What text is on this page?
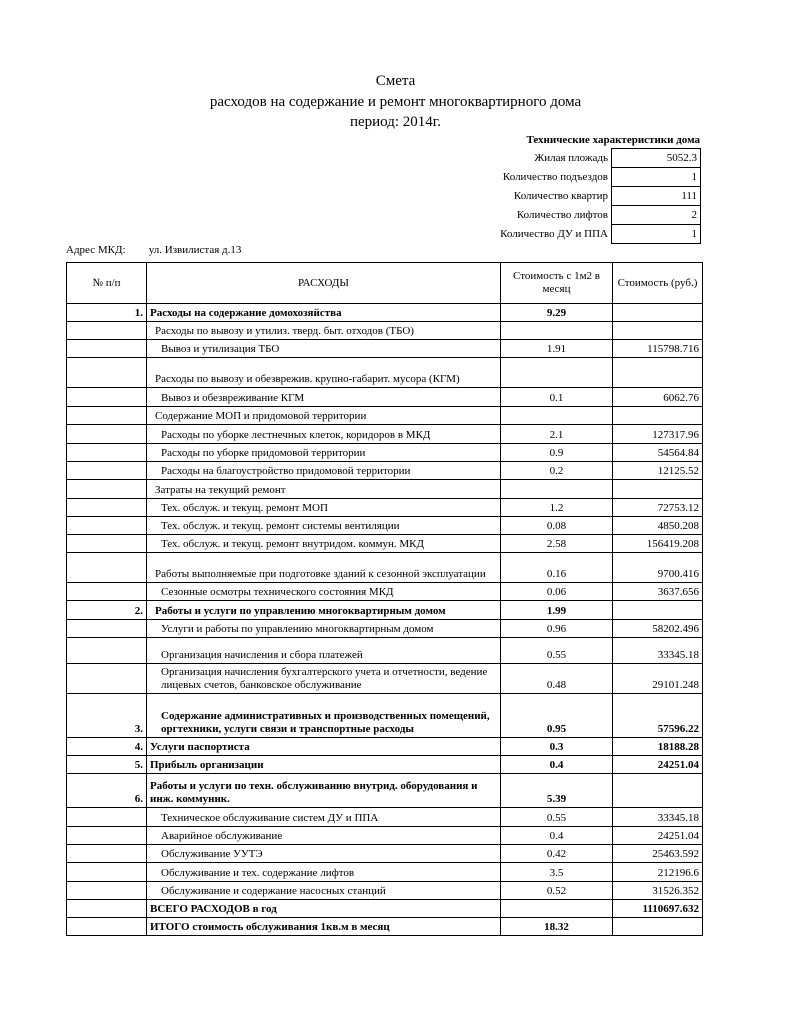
Смета
расходов на содержание и ремонт многоквартирного дома
период: 2014г.
Технические характеристики дома
Жилая пложадь	5052.3
Количество подъездов	1
Количество квартир	111
Количество лифтов	2
Количество ДУ и ППА	1
Адрес МКД: ул. Извилистая д.13
№ п/п	РАСХОДЫ	Стоимость с 1м2 в месяц	Стоимость (руб.)
1.	Расходы на содержание домохозяйства	9.29	
	Расходы по вывозу и утилиз. тверд. быт. отходов (ТБО)		
	Вывоз и утилизация ТБО	1.91	115798.716
	Расходы по вывозу и обезврежив. крупно-габарит. мусора (КГМ)		
	Вывоз и обезвреживание КГМ	0.1	6062.76
	Содержание МОП и придомовой территории		
	Расходы по уборке лестнечных клеток, коридоров в МКД	2.1	127317.96
	Расходы по уборке придомовой территории	0.9	54564.84
	Расходы на благоустройство придомовой территории	0.2	12125.52
	Затраты на текущий ремонт		
	Тех. обслуж. и текущ. ремонт МОП	1.2	72753.12
	Тех. обслуж. и текущ. ремонт системы вентиляции	0.08	4850.208
	Тех. обслуж. и текущ. ремонт внутридом. коммун. МКД	2.58	156419.208
	Работы выполняемые при подготовке зданий к сезонной эксплуатации	0.16	9700.416
	Сезонные осмотры технического состояния МКД	0.06	3637.656
2.	Работы и услуги по управлению многоквартирным домом	1.99	
	Услуги и работы по управлению многоквартирным домом	0.96	58202.496
	Организация начисления и сбора платежей	0.55	33345.18
	Организация начисления бухгалтерского учета и отчетности, ведение лицевых счетов, банковское обслуживание	0.48	29101.248
3.	Содержание административных и производственных помещений, оргтехники, услуги связи и транспортные расходы	0.95	57596.22
4.	Услуги паспортиста	0.3	18188.28
5.	Прибыль организации	0.4	24251.04
6.	Работы и услуги по техн. обслуживанию внутрид. оборудования и инж. коммуник.	5.39	
	Техническое обслуживание систем ДУ и ППА	0.55	33345.18
	Аварийное обслуживание	0.4	24251.04
	Обслуживание УУТЭ	0.42	25463.592
	Обслуживание и тех. содержание лифтов	3.5	212196.6
	Обслуживание и содержание насосных станций	0.52	31526.352
	ВСЕГО РАСХОДОВ в год		1110697.632
	ИТОГО стоимость обслуживания 1кв.м в месяц	18.32	
